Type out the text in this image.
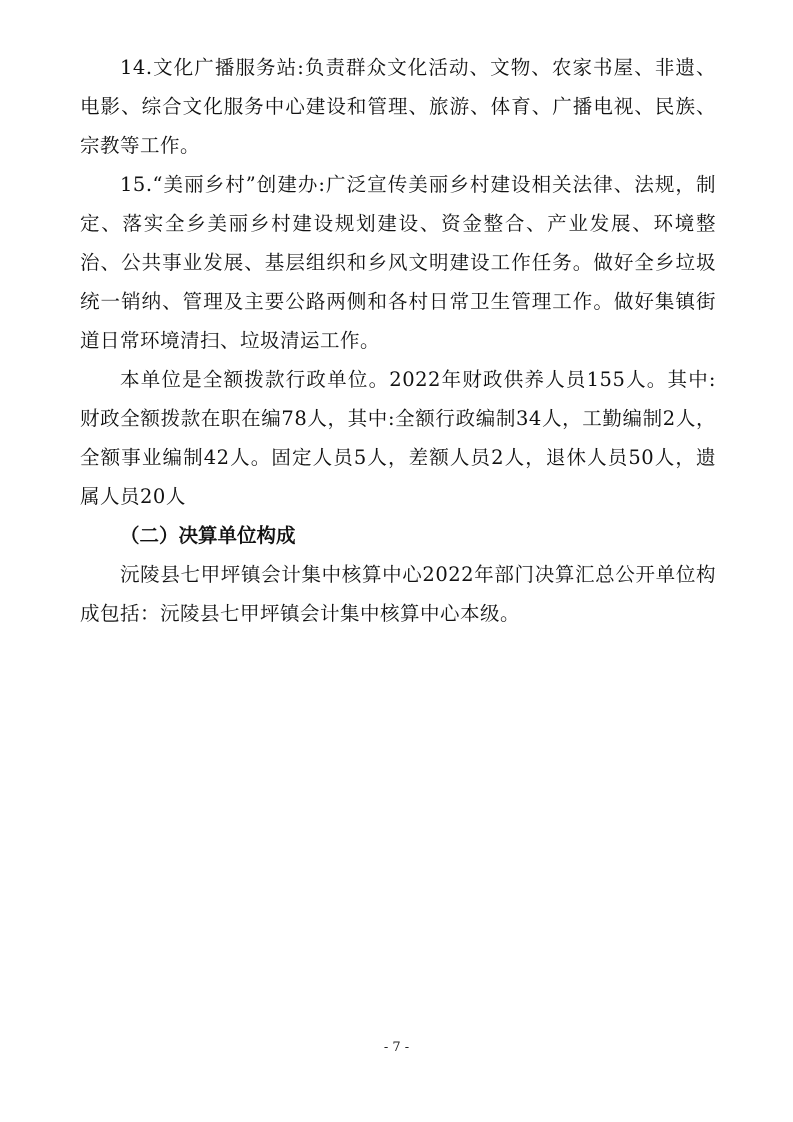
14.文化广播服务站:负责群众文化活动、文物、农家书屋、非遗、电影、综合文化服务中心建设和管理、旅游、体育、广播电视、民族、宗教等工作。

15.“美丽乡村”创建办:广泛宣传美丽乡村建设相关法律、法规，制定、落实全乡美丽乡村建设规划建设、资金整合、产业发展、环境整治、公共事业发展、基层组织和乡风文明建设工作任务。做好全乡垃圾统一销纳、管理及主要公路两侧和各村日常卫生管理工作。做好集镇街道日常环境清扫、垃圾清运工作。

本单位是全额拨款行政单位。2022年财政供养人员155人。其中:财政全额拨款在职在编78人，其中:全额行政编制34人，工勤编制2人，全额事业编制42人。固定人员5人，差额人员2人，退休人员50人，遗属人员20人

（二）决算单位构成

沅陵县七甲坪镇会计集中核算中心2022年部门决算汇总公开单位构成包括：沅陵县七甲坪镇会计集中核算中心本级。

- 7 -
